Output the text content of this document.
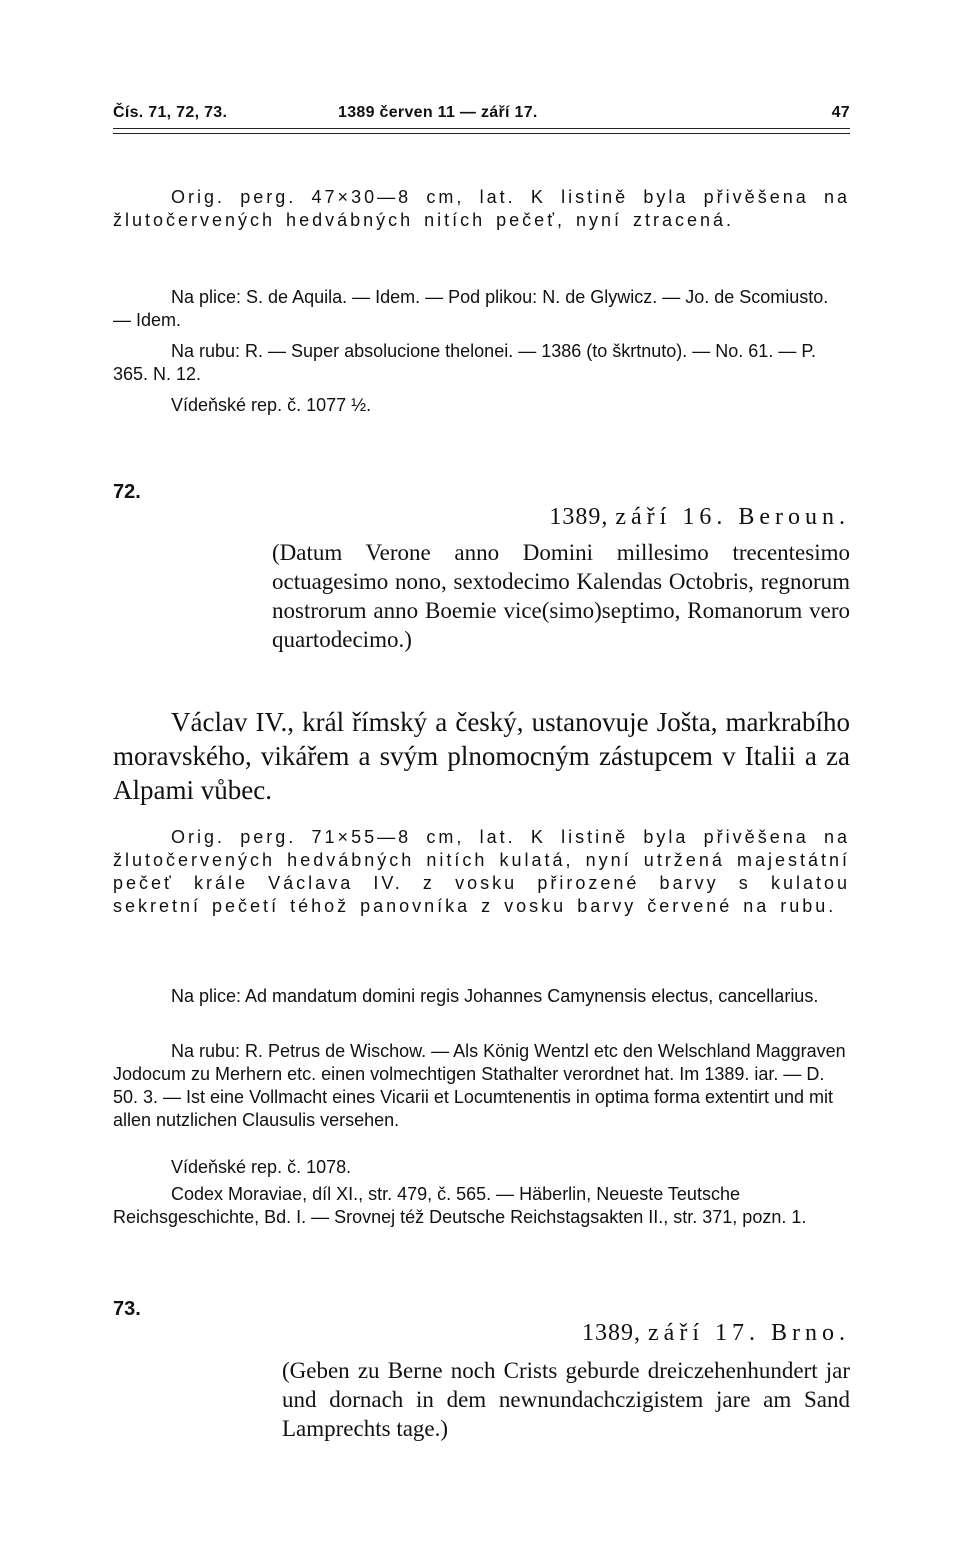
Čís. 71, 72, 73.	1389 červen 11 — září 17.	47

Orig. perg. 47×30—8 cm, lat. K listině byla přivěšena na žlutočervených hedvábných nitích pečeť, nyní ztracená.

Na plice: S. de Aquila. — Idem. — Pod plikou: N. de Glywicz. — Jo. de Scomiusto. — Idem.

Na rubu: R. — Super absolucione thelonei. — 1386 (to škrtnuto). — No. 61. — P. 365. N. 12.

Vídeňské rep. č. 1077 ½.

72.
1389, září 16. Beroun.

(Datum Verone anno Domini millesimo trecentesimo octuagesimo nono, sextodecimo Kalendas Octobris, regnorum nostrorum anno Boemie vice(simo)septimo, Romanorum vero quartodecimo.)

Václav IV., král římský a český, ustanovuje Jošta, markrabího moravského, vikářem a svým plnomocným zástupcem v Italii a za Alpami vůbec.

Orig. perg. 71×55—8 cm, lat. K listině byla přivěšena na žlutočervených hedvábných nitích kulatá, nyní utržená majestátní pečeť krále Václava IV. z vosku přirozené barvy s kulatou sekretní pečetí téhož panovníka z vosku barvy červené na rubu.

Na plice: Ad mandatum domini regis Johannes Camynensis electus, cancellarius.

Na rubu: R. Petrus de Wischow. — Als König Wentzl etc den Welschland Maggraven Jodocum zu Merhern etc. einen volmechtigen Stathalter verordnet hat. Im 1389. iar. — D. 50. 3. — Ist eine Vollmacht eines Vicarii et Locumtenentis in optima forma extentirt und mit allen nutzlichen Clausulis versehen.

Vídeňské rep. č. 1078.

Codex Moraviae, díl XI., str. 479, č. 565. — Häberlin, Neueste Teutsche Reichsgeschichte, Bd. I. — Srovnej též Deutsche Reichstagsakten II., str. 371, pozn. 1.

73.
1389, září 17. Brno.

(Geben zu Berne noch Crists geburde dreiczehenhundert jar und dornach in dem newnundachczigistem jare am Sand Lamprechts tage.)
